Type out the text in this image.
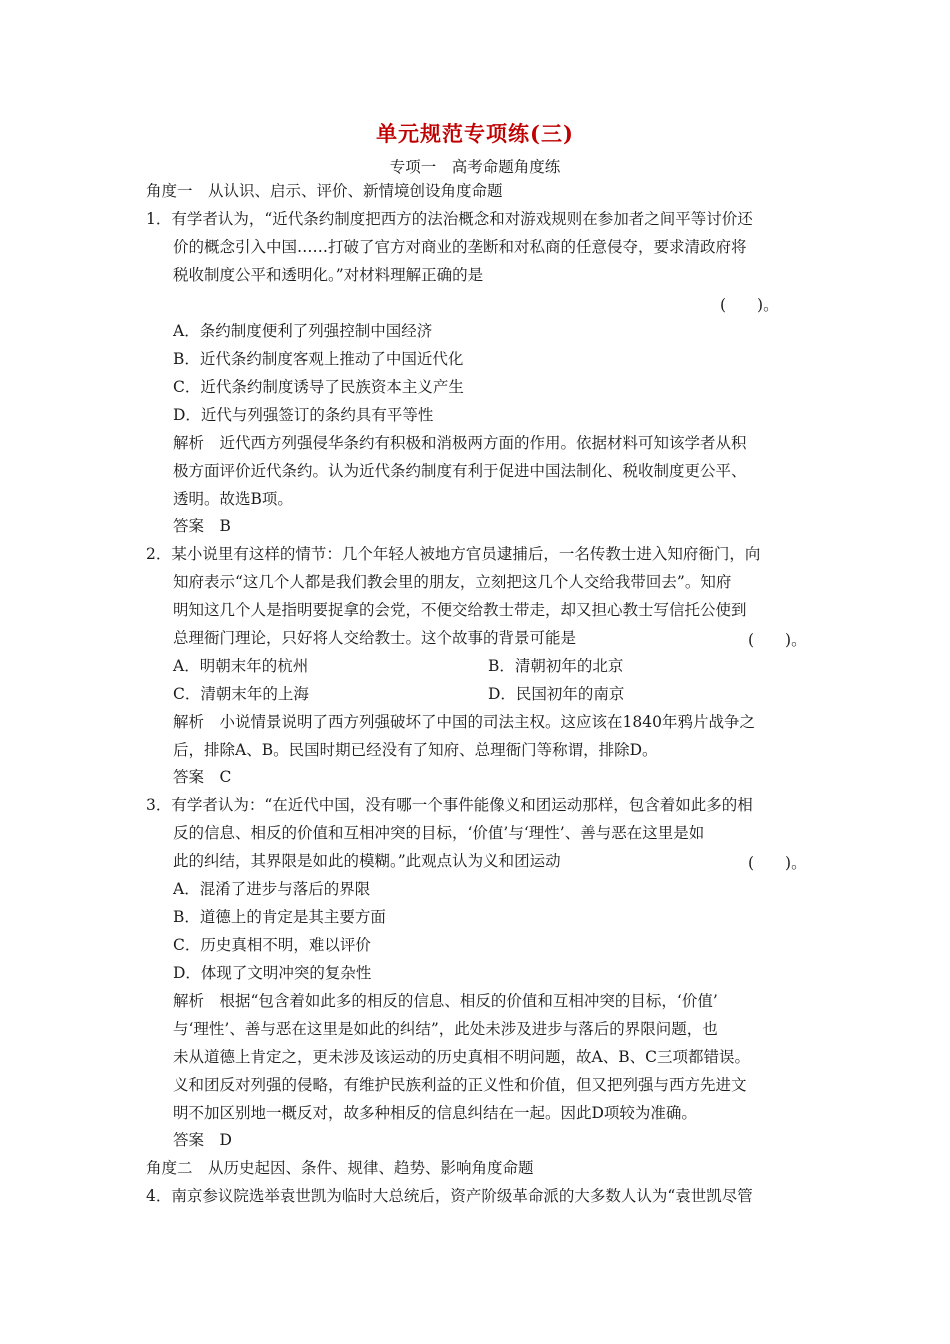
单元规范专项练(三)
专项一　高考命题角度练
角度一　从认识、启示、评价、新情境创设角度命题
1．有学者认为，“近代条约制度把西方的法治概念和对游戏规则在参加者之间平等讨价还
价的概念引入中国……打破了官方对商业的垄断和对私商的任意侵夺，要求清政府将
税收制度公平和透明化。”对材料理解正确的是
(　　)。
A．条约制度便利了列强控制中国经济
B．近代条约制度客观上推动了中国近代化
C．近代条约制度诱导了民族资本主义产生
D．近代与列强签订的条约具有平等性
解析　近代西方列强侵华条约有积极和消极两方面的作用。依据材料可知该学者从积
极方面评价近代条约。认为近代条约制度有利于促进中国法制化、税收制度更公平、
透明。故选B项。
答案　B
2．某小说里有这样的情节：几个年轻人被地方官员逮捕后，一名传教士进入知府衙门，向
知府表示“这几个人都是我们教会里的朋友，立刻把这几个人交给我带回去”。知府
明知这几个人是指明要捉拿的会党，不便交给教士带走，却又担心教士写信托公使到
总理衙门理论，只好将人交给教士。这个故事的背景可能是	(　　)。
A．明朝末年的杭州	B．清朝初年的北京
C．清朝末年的上海	D．民国初年的南京
解析　小说情景说明了西方列强破坏了中国的司法主权。这应该在1840年鸦片战争之
后，排除A、B。民国时期已经没有了知府、总理衙门等称谓，排除D。
答案　C
3．有学者认为：“在近代中国，没有哪一个事件能像义和团运动那样，包含着如此多的相
反的信息、相反的价值和互相冲突的目标，‘价值’与‘理性’、善与恶在这里是如
此的纠结，其界限是如此的模糊。”此观点认为义和团运动	(　　)。
A．混淆了进步与落后的界限
B．道德上的肯定是其主要方面
C．历史真相不明，难以评价
D．体现了文明冲突的复杂性
解析　根据“包含着如此多的相反的信息、相反的价值和互相冲突的目标，‘价值’
与‘理性’、善与恶在这里是如此的纠结”，此处未涉及进步与落后的界限问题，也
未从道德上肯定之，更未涉及该运动的历史真相不明问题，故A、B、C三项都错误。
义和团反对列强的侵略，有维护民族利益的正义性和价值，但又把列强与西方先进文
明不加区别地一概反对，故多种相反的信息纠结在一起。因此D项较为准确。
答案　D
角度二　从历史起因、条件、规律、趋势、影响角度命题
4．南京参议院选举袁世凯为临时大总统后，资产阶级革命派的大多数人认为“袁世凯尽管
